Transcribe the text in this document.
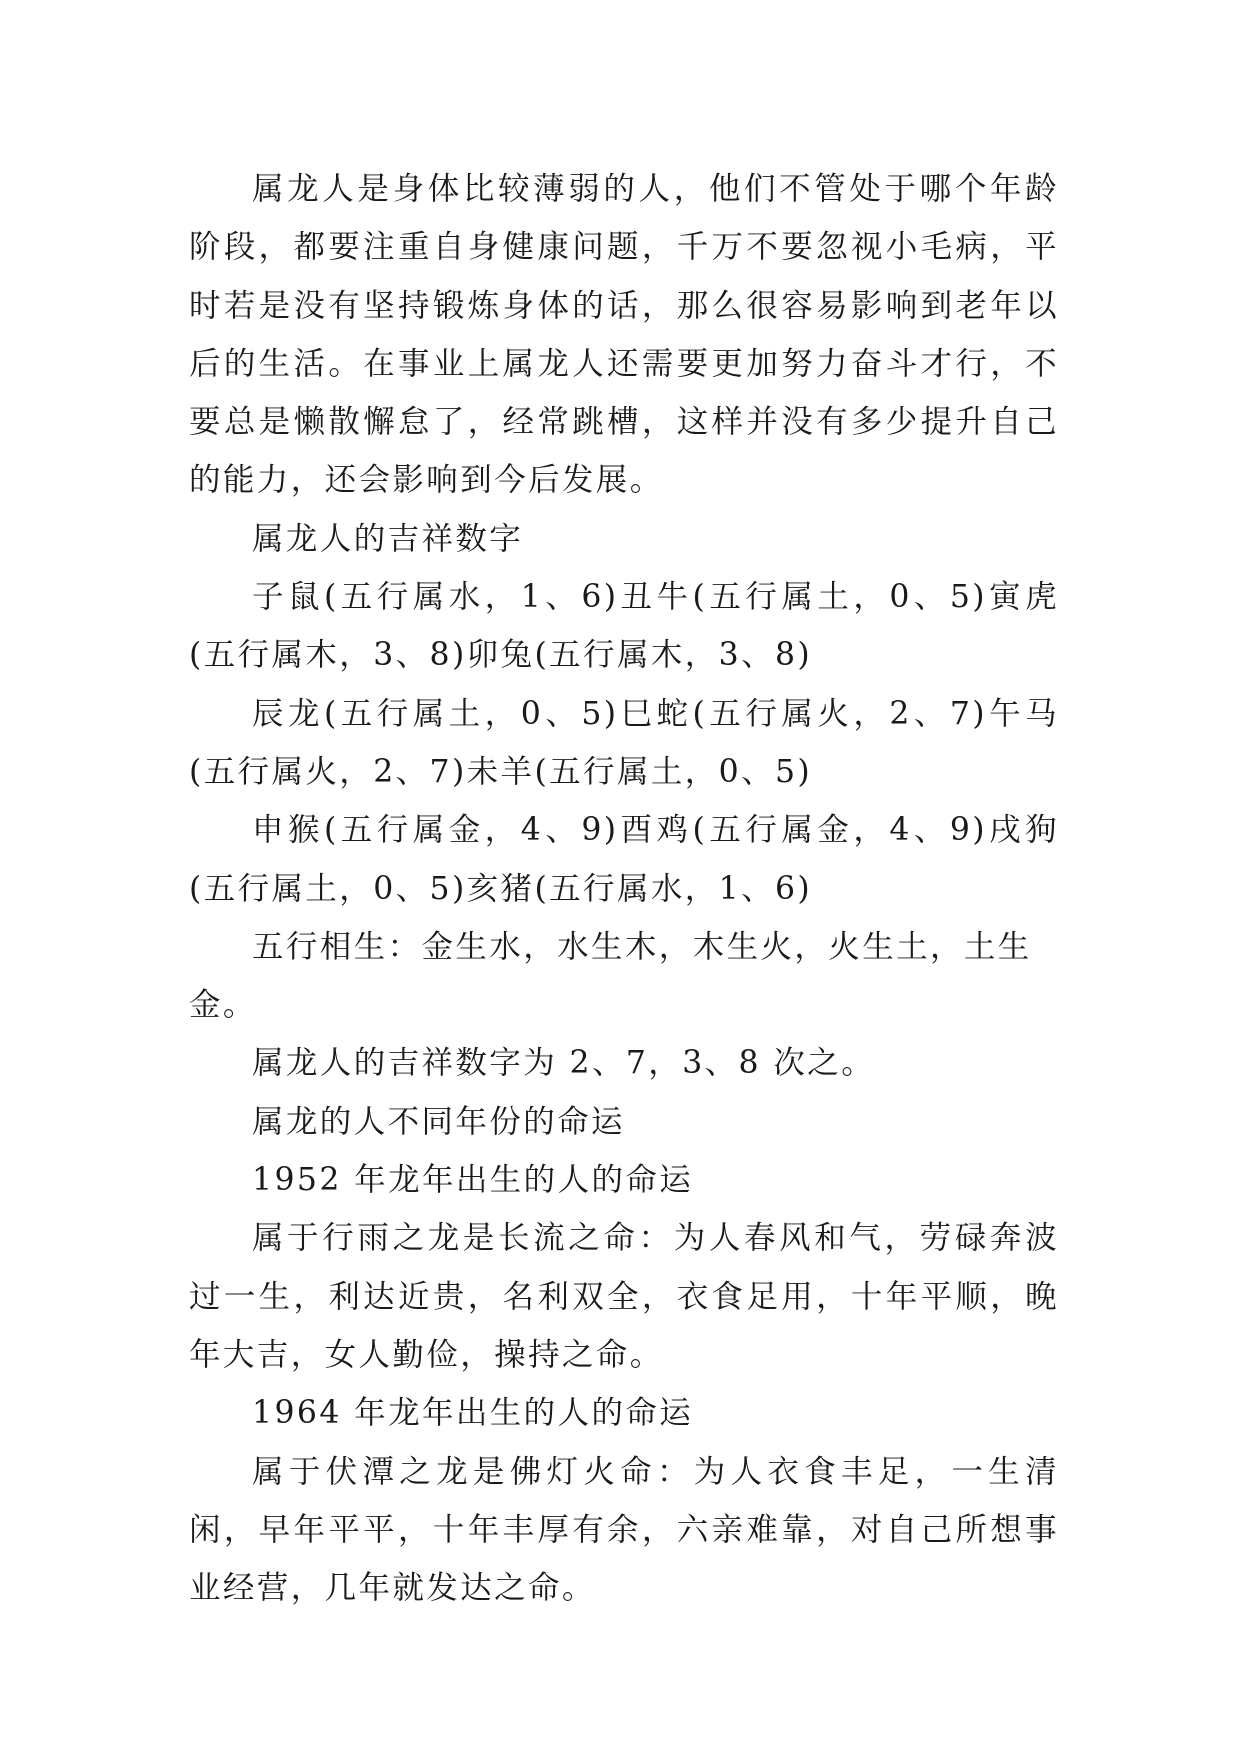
属龙人是身体比较薄弱的人，他们不管处于哪个年龄阶段，都要注重自身健康问题，千万不要忽视小毛病，平时若是没有坚持锻炼身体的话，那么很容易影响到老年以后的生活。在事业上属龙人还需要更加努力奋斗才行，不要总是懒散懈怠了，经常跳槽，这样并没有多少提升自己的能力，还会影响到今后发展。

属龙人的吉祥数字

子鼠(五行属水，1、6)丑牛(五行属土，0、5)寅虎(五行属木，3、8)卯兔(五行属木，3、8)

辰龙(五行属土，0、5)巳蛇(五行属火，2、7)午马(五行属火，2、7)未羊(五行属土，0、5)

申猴(五行属金，4、9)酉鸡(五行属金，4、9)戌狗(五行属土，0、5)亥猪(五行属水，1、6)

五行相生：金生水，水生木，木生火，火生土，土生金。

属龙人的吉祥数字为 2、7，3、8 次之。

属龙的人不同年份的命运

1952 年龙年出生的人的命运

属于行雨之龙是长流之命：为人春风和气，劳碌奔波过一生，利达近贵，名利双全，衣食足用，十年平顺，晚年大吉，女人勤俭，操持之命。

1964 年龙年出生的人的命运

属于伏潭之龙是佛灯火命：为人衣食丰足，一生清闲，早年平平，十年丰厚有余，六亲难靠，对自己所想事业经营，几年就发达之命。
